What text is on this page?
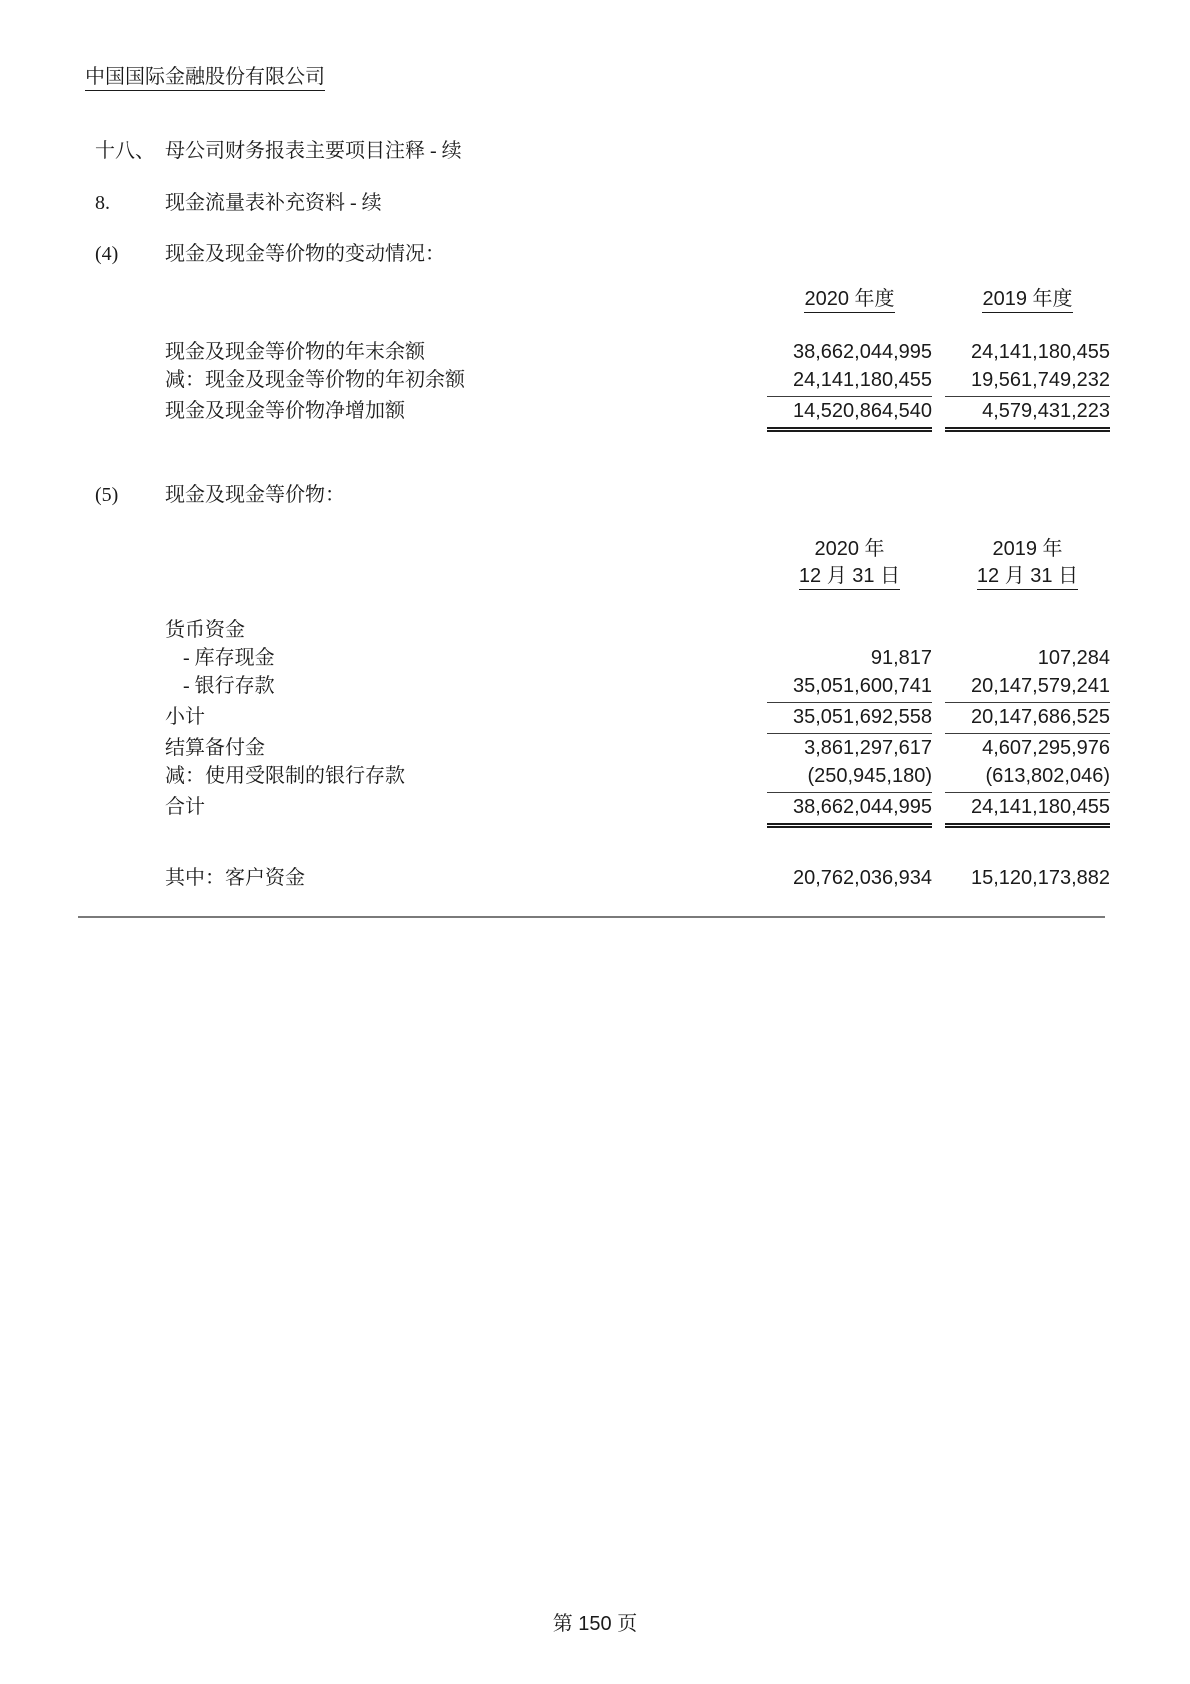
中国国际金融股份有限公司
十八、 母公司财务报表主要项目注释 - 续
8.	现金流量表补充资料 - 续
(4)	现金及现金等价物的变动情况：
2020 年度	2019 年度
现金及现金等价物的年末余额	38,662,044,995	24,141,180,455
减：现金及现金等价物的年初余额	24,141,180,455	19,561,749,232
现金及现金等价物净增加额	14,520,864,540	4,579,431,223
(5)	现金及现金等价物：
2020 年	2019 年
12 月 31 日	12 月 31 日
货币资金
- 库存现金	91,817	107,284
- 银行存款	35,051,600,741	20,147,579,241
小计	35,051,692,558	20,147,686,525
结算备付金	3,861,297,617	4,607,295,976
减：使用受限制的银行存款	(250,945,180)	(613,802,046)
合计	38,662,044,995	24,141,180,455
其中：客户资金	20,762,036,934	15,120,173,882
第 150 页
